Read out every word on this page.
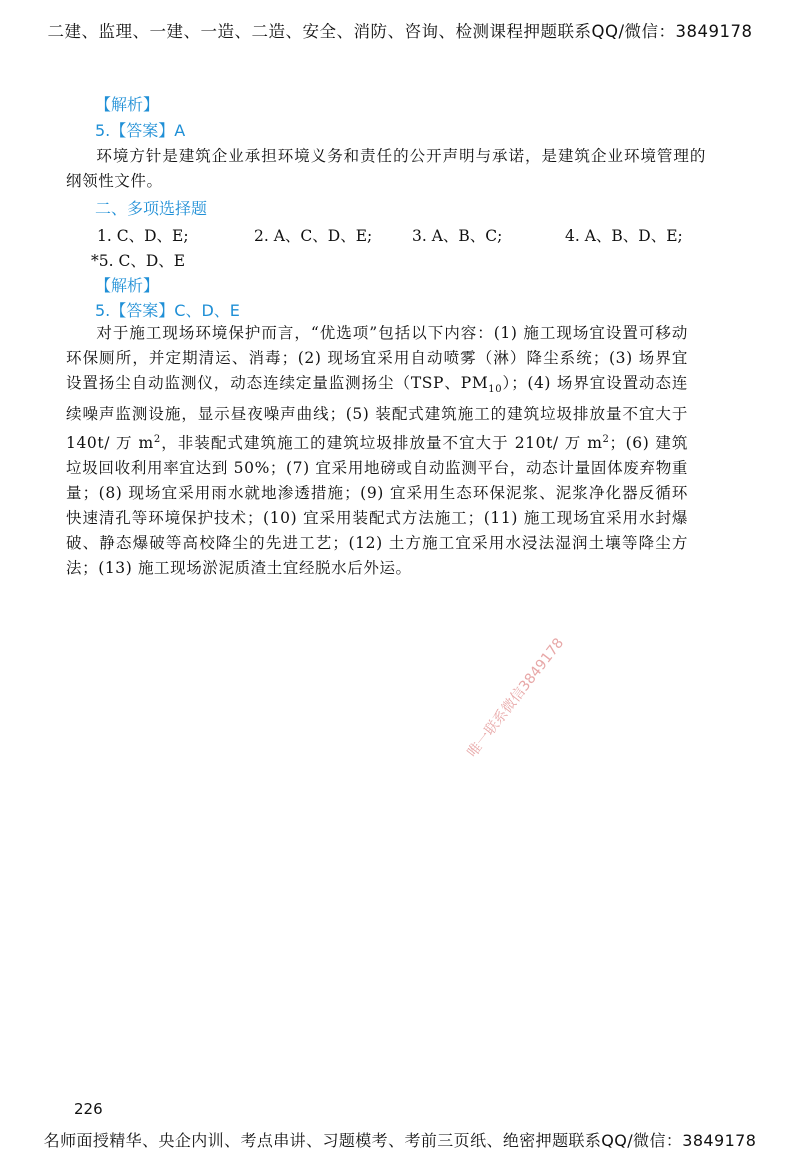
二建、监理、一建、一造、二造、安全、消防、咨询、检测课程押题联系QQ/微信：3849178
【解析】
5.【答案】A

环境方针是建筑企业承担环境义务和责任的公开声明与承诺，是建筑企业环境管理的纲领性文件。

二、多项选择题
1. C、D、E;	2. A、C、D、E;	3. A、B、C;	4. A、B、D、E;
*5. C、D、E
【解析】
5.【答案】C、D、E

对于施工现场环境保护而言，“优选项”包括以下内容：(1) 施工现场宜设置可移动环保厕所，并定期清运、消毒；(2) 现场宜采用自动喷雾（淋）降尘系统；(3) 场界宜设置扬尘自动监测仪，动态连续定量监测扬尘（TSP、$PM_{10}$）；(4) 场界宜设置动态连续噪声监测设施，显示昼夜噪声曲线；(5) 装配式建筑施工的建筑垃圾排放量不宜大于 140t/ 万 $m^2$，非装配式建筑施工的建筑垃圾排放量不宜大于 210t/ 万 $m^2$；(6) 建筑垃圾回收利用率宜达到 50%；(7) 宜采用地磅或自动监测平台，动态计量固体废弃物重量；(8) 现场宜采用雨水就地渗透措施；(9) 宜采用生态环保泥浆、泥浆净化器反循环快速清孔等环境保护技术；(10) 宜采用装配式方法施工；(11) 施工现场宜采用水封爆破、静态爆破等高校降尘的先进工艺；(12) 土方施工宜采用水浸法湿润土壤等降尘方法；(13) 施工现场淤泥质渣土宜经脱水后外运。

唯一联系微信3849178
226
名师面授精华、央企内训、考点串讲、习题模考、考前三页纸、绝密押题联系QQ/微信：3849178
